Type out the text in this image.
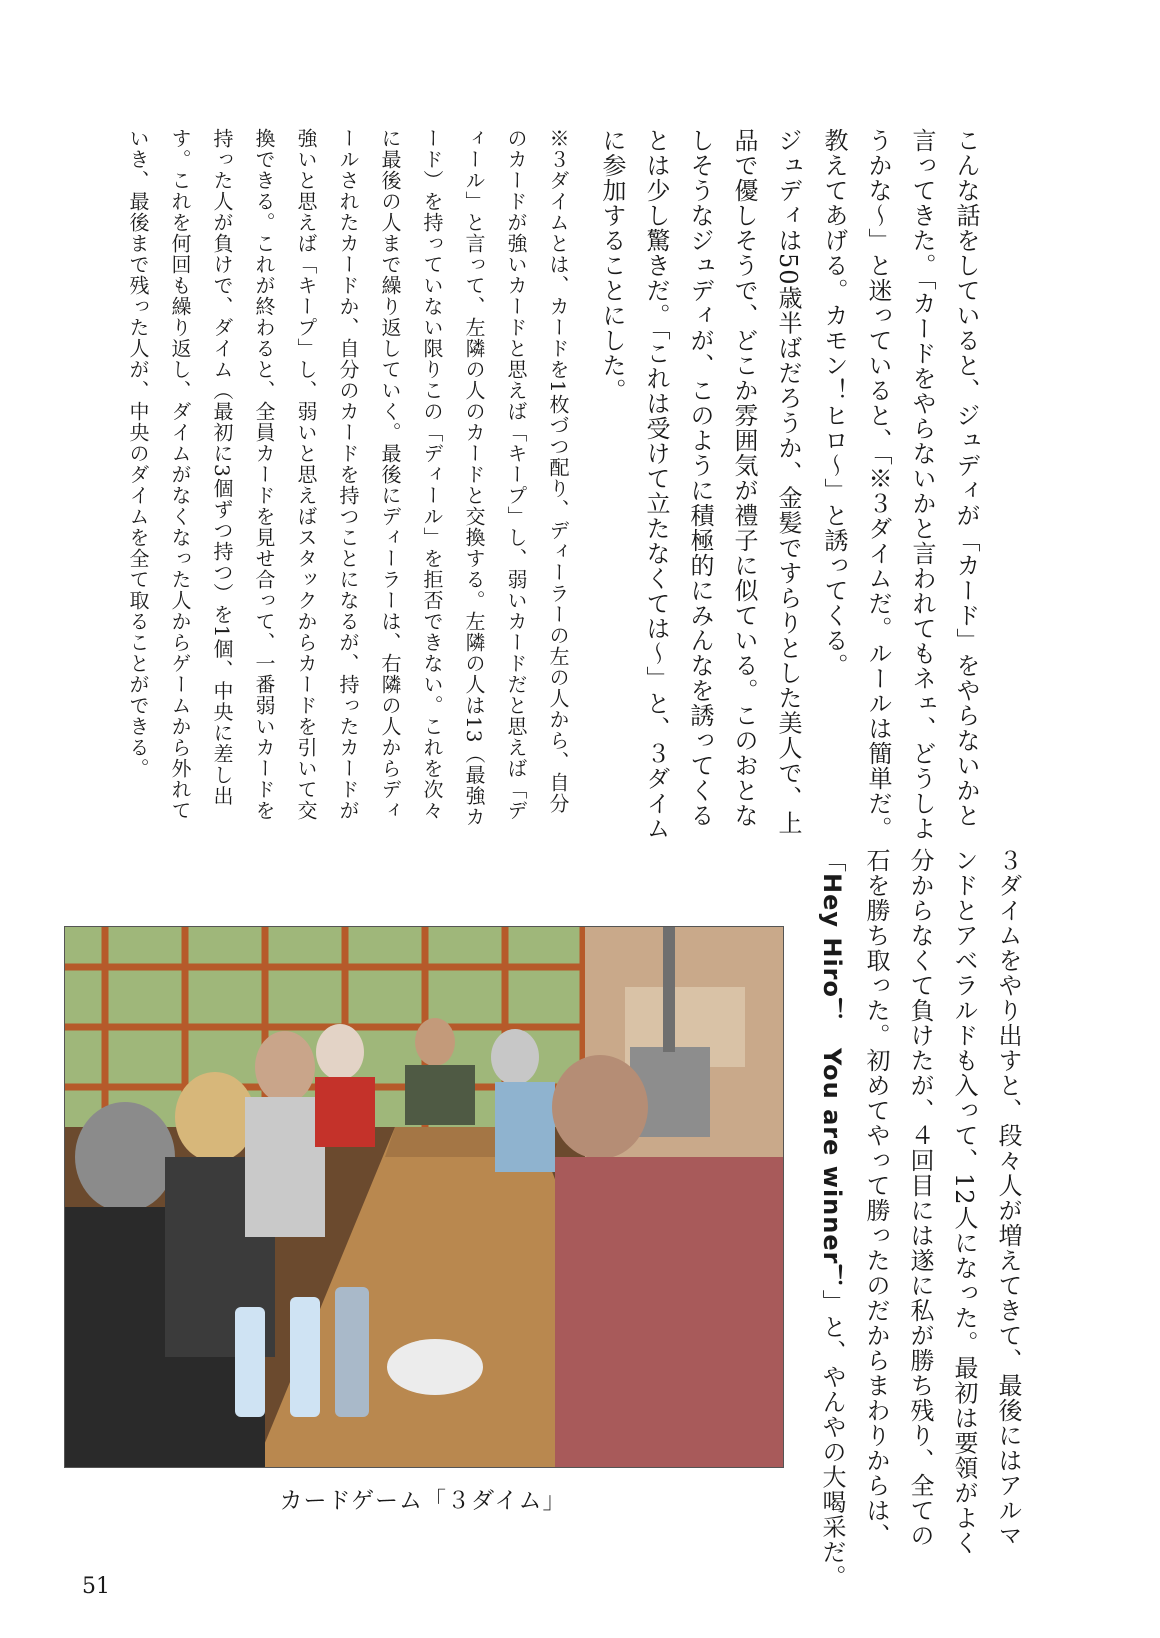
こんな話をしていると、ジュディが「カード」をやらないかと
言ってきた。「カードをやらないかと言われてもネェ、どうしよ
うかな〜」と迷っていると、「※３ダイムだ。ルールは簡単だ。
教えてあげる。カモン！ヒロ〜」と誘ってくる。
ジュディは50歳半ばだろうか、金髪ですらりとした美人で、上
品で優しそうで、どこか雰囲気が禮子に似ている。このおとな
しそうなジュディが、このように積極的にみんなを誘ってくる
とは少し驚きだ。「これは受けて立たなくては〜」と、３ダイム
に参加することにした。
※３ダイムとは、カードを1枚づつ配り、ディーラーの左の人から、自分
のカードが強いカードと思えば「キープ」し、弱いカードだと思えば「デ
ィール」と言って、左隣の人のカードと交換する。左隣の人は13（最強カ
ード）を持っていない限りこの「ディール」を拒否できない。これを次々
に最後の人まで繰り返していく。最後にディーラーは、右隣の人からディ
ールされたカードか、自分のカードを持つことになるが、持ったカードが
強いと思えば「キープ」し、弱いと思えばスタックからカードを引いて交
換できる。これが終わると、全員カードを見せ合って、一番弱いカードを
持った人が負けで、ダイム（最初に3個ずつ持つ）を1個、中央に差し出
す。これを何回も繰り返し、ダイムがなくなった人からゲームから外れて
いき、最後まで残った人が、中央のダイムを全て取ることができる。
３ダイムをやり出すと、段々人が増えてきて、最後にはアルマ
ンドとアベラルドも入って、12人になった。最初は要領がよく
分からなくて負けたが、４回目には遂に私が勝ち残り、全ての
石を勝ち取った。初めてやって勝ったのだからまわりからは、
「Hey Hiro！　You are winner！」と、やんやの大喝采だ。
カードゲーム「３ダイム」
51
